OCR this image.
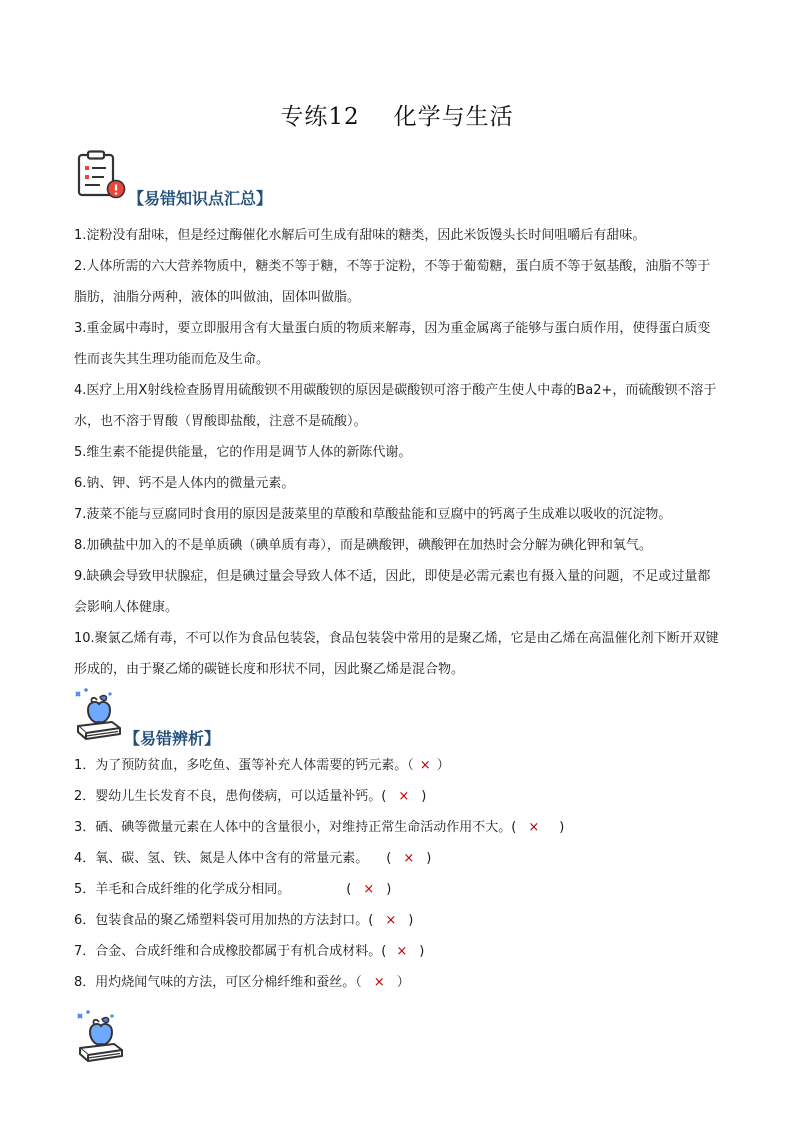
专练12 化学与生活
【易错知识点汇总】
1.淀粉没有甜味，但是经过酶催化水解后可生成有甜味的糖类，因此米饭馒头长时间咀嚼后有甜味。
2.人体所需的六大营养物质中，糖类不等于糖，不等于淀粉，不等于葡萄糖，蛋白质不等于氨基酸，油脂不等于脂肪，油脂分两种，液体的叫做油，固体叫做脂。
3.重金属中毒时，要立即服用含有大量蛋白质的物质来解毒，因为重金属离子能够与蛋白质作用，使得蛋白质变性而丧失其生理功能而危及生命。
4.医疗上用X射线检查肠胃用硫酸钡不用碳酸钡的原因是碳酸钡可溶于酸产生使人中毒的Ba2+，而硫酸钡不溶于水，也不溶于胃酸（胃酸即盐酸，注意不是硫酸）。
5.维生素不能提供能量，它的作用是调节人体的新陈代谢。
6.钠、钾、钙不是人体内的微量元素。
7.菠菜不能与豆腐同时食用的原因是菠菜里的草酸和草酸盐能和豆腐中的钙离子生成难以吸收的沉淀物。
8.加碘盐中加入的不是单质碘（碘单质有毒），而是碘酸钾，碘酸钾在加热时会分解为碘化钾和氧气。
9.缺碘会导致甲状腺症，但是碘过量会导致人体不适，因此，即使是必需元素也有摄入量的问题，不足或过量都会影响人体健康。
10.聚氯乙烯有毒，不可以作为食品包装袋，食品包装袋中常用的是聚乙烯，它是由乙烯在高温催化剂下断开双键形成的，由于聚乙烯的碳链长度和形状不同，因此聚乙烯是混合物。
【易错辨析】
1．为了预防贫血，多吃鱼、蛋等补充人体需要的钙元素。（ × ）
2．婴幼儿生长发育不良，患佝偻病，可以适量补钙。( × )
3．硒、碘等微量元素在人体中的含量很小，对维持正常生命活动作用不大。( × )
4．氧、碳、氢、铁、氮是人体中含有的常量元素。 ( × )
5．羊毛和合成纤维的化学成分相同。	( × )
6．包装食品的聚乙烯塑料袋可用加热的方法封口。( × )
7．合金、合成纤维和合成橡胶都属于有机合成材料。( × )
8．用灼烧闻气味的方法，可区分棉纤维和蚕丝。（ × ）
